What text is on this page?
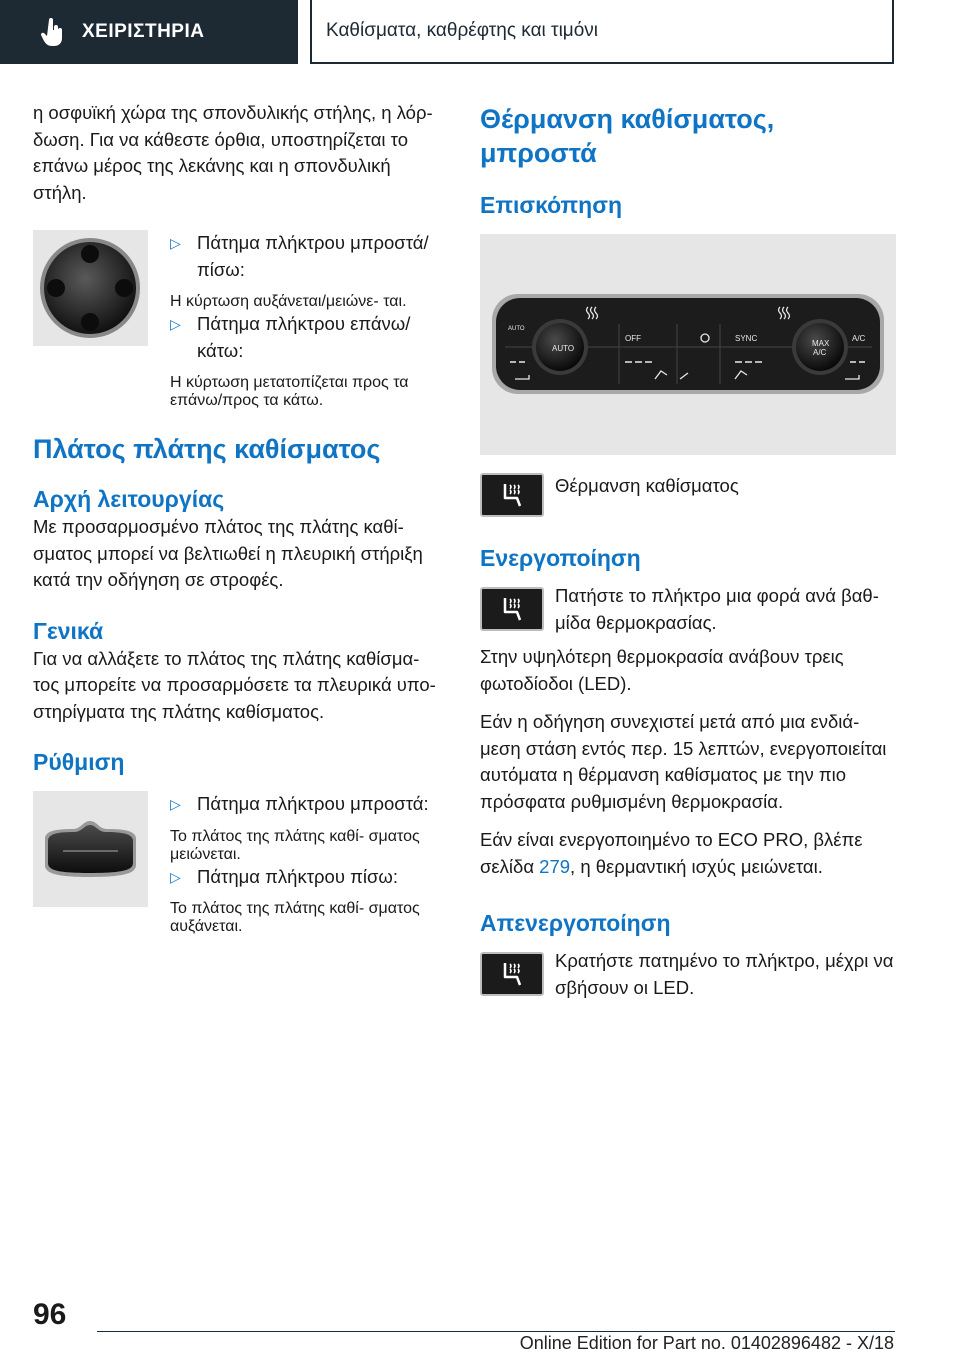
ΧΕΙΡΙΣΤΗΡΙΑ	Καθίσματα, καθρέφτης και τιμόνι

η οσφυϊκή χώρα της σπονδυλικής στήλης, η λόρ- δωση. Για να κάθεστε όρθια, υποστηρίζεται το επάνω μέρος της λεκάνης και η σπονδυλική στήλη.

▷ Πάτημα πλήκτρου μπροστά/ πίσω:
Η κύρτωση αυξάνεται/μειώνε- ται.
▷ Πάτημα πλήκτρου επάνω/ κάτω:
Η κύρτωση μετατοπίζεται προς τα επάνω/προς τα κάτω.
Πλάτος πλάτης καθίσματος
Αρχή λειτουργίας

Με προσαρμοσμένο πλάτος της πλάτης καθί- σματος μπορεί να βελτιωθεί η πλευρική στήριξη κατά την οδήγηση σε στροφές.

Γενικά

Για να αλλάξετε το πλάτος της πλάτης καθίσμα- τος μπορείτε να προσαρμόσετε τα πλευρικά υπο- στηρίγματα της πλάτης καθίσματος.

Ρύθμιση
▷ Πάτημα πλήκτρου μπροστά:
Το πλάτος της πλάτης καθί- σματος μειώνεται.
▷ Πάτημα πλήκτρου πίσω:
Το πλάτος της πλάτης καθί- σματος αυξάνεται.
Θέρμανση καθίσματος, μπροστά
Επισκόπηση
AUTO
MAX
A/C
OFF	SYNC	A/C
AUTO
Θέρμανση καθίσματος
Ενεργοποίηση
Πατήστε το πλήκτρο μια φορά ανά βαθ- μίδα θερμοκρασίας.

Στην υψηλότερη θερμοκρασία ανάβουν τρεις φωτοδίοδοι (LED).

Εάν η οδήγηση συνεχιστεί μετά από μια ενδιά- μεση στάση εντός περ. 15 λεπτών, ενεργοποιείται αυτόματα η θέρμανση καθίσματος με την πιο πρόσφατα ρυθμισμένη θερμοκρασία.

Εάν είναι ενεργοποιημένο το ECO PRO, βλέπε σελίδα 279, η θερμαντική ισχύς μειώνεται.

Απενεργοποίηση
Κρατήστε πατημένο το πλήκτρο, μέχρι να σβήσουν οι LED.
96
Online Edition for Part no. 01402896482 - X/18
